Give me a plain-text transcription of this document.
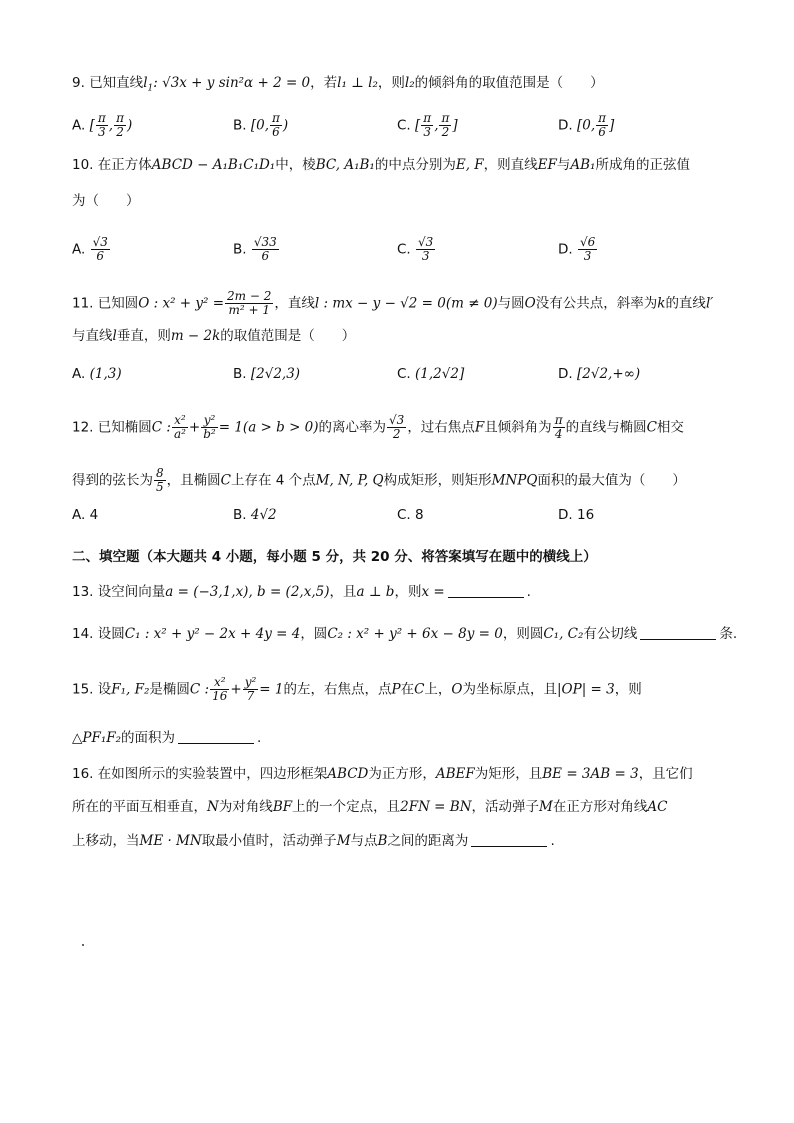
9. 已知直线$l_1$: √3x + y sin²α + 2 = 0，若l₁ ⊥ l₂，则l₂的倾斜角的取值范围是（　　）
A. [ $\frac{\pi}{3}$ , $\frac{\pi}{2}$ )	B. [0, $\frac{\pi}{6}$ )	C. [ $\frac{\pi}{3}$ , $\frac{\pi}{2}$ ]	D. [0, $\frac{\pi}{6}$ ]
10. 在正方体ABCD − A₁B₁C₁D₁中，棱BC, A₁B₁的中点分别为E, F，则直线EF与AB₁所成角的正弦值
为（　　）
A. $\frac{√3}{6}$	B. $\frac{√33}{6}$	C. $\frac{√3}{3}$	D. $\frac{√6}{3}$
11. 已知圆O : $x^2 + y^2 = \frac{2m - 2}{\text{m² + 1}}$ ，直线l : mx − y − √2 = 0(m ≠ 0)与圆O没有公共点，斜率为k的直线l′
与直线l垂直，则m − 2k的取值范围是（　　）
A. (1,3)	B. [2√2,3)	C. (1,2√2]	D. [2√2,+∞)
12. 已知椭圆C : $\frac{\text{x²}}{\text{a²}} + \frac{\text{y²}}{\text{b²}} = 1(a > b > 0)$的离心率为 $\frac{√3}{2}$ ，过右焦点F且倾斜角为 $\frac{\pi}{4}$ 的直线与椭圆C相交
得到的弦长为 $\frac{8}{5}$ ，且椭圆C上存在 4 个点M, N, P, Q构成矩形，则矩形MNPQ面积的最大值为（　　）
A. 4	B. 4√2	C. 8	D. 16
二、填空题（本大题共 4 小题，每小题 5 分，共 20 分、将答案填写在题中的横线上）
13. 设空间向量a = (−3,1,x), b = (2,x,5)，且a ⊥ b，则x =	.
14. 设圆C₁ : x² + y² − 2x + 4y = 4，圆C₂ : x² + y² + 6x − 8y = 0，则圆C₁, C₂有公切线	条.
15. 设F₁, F₂是椭圆C : $\frac{\text{x²}}{16} + \frac{\text{y²}}{7} = 1$的左，右焦点，点P在C上，O为坐标原点，且|OP| = 3，则
△PF₁F₂的面积为	.
16. 在如图所示的实验装置中，四边形框架ABCD为正方形，ABEF为矩形，且BE = 3AB = 3，且它们
所在的平面互相垂直，N为对角线BF上的一个定点，且2FN = BN，活动弹子M在正方形对角线AC
上移动，当ME · MN取最小值时，活动弹子M与点B之间的距离为	.
